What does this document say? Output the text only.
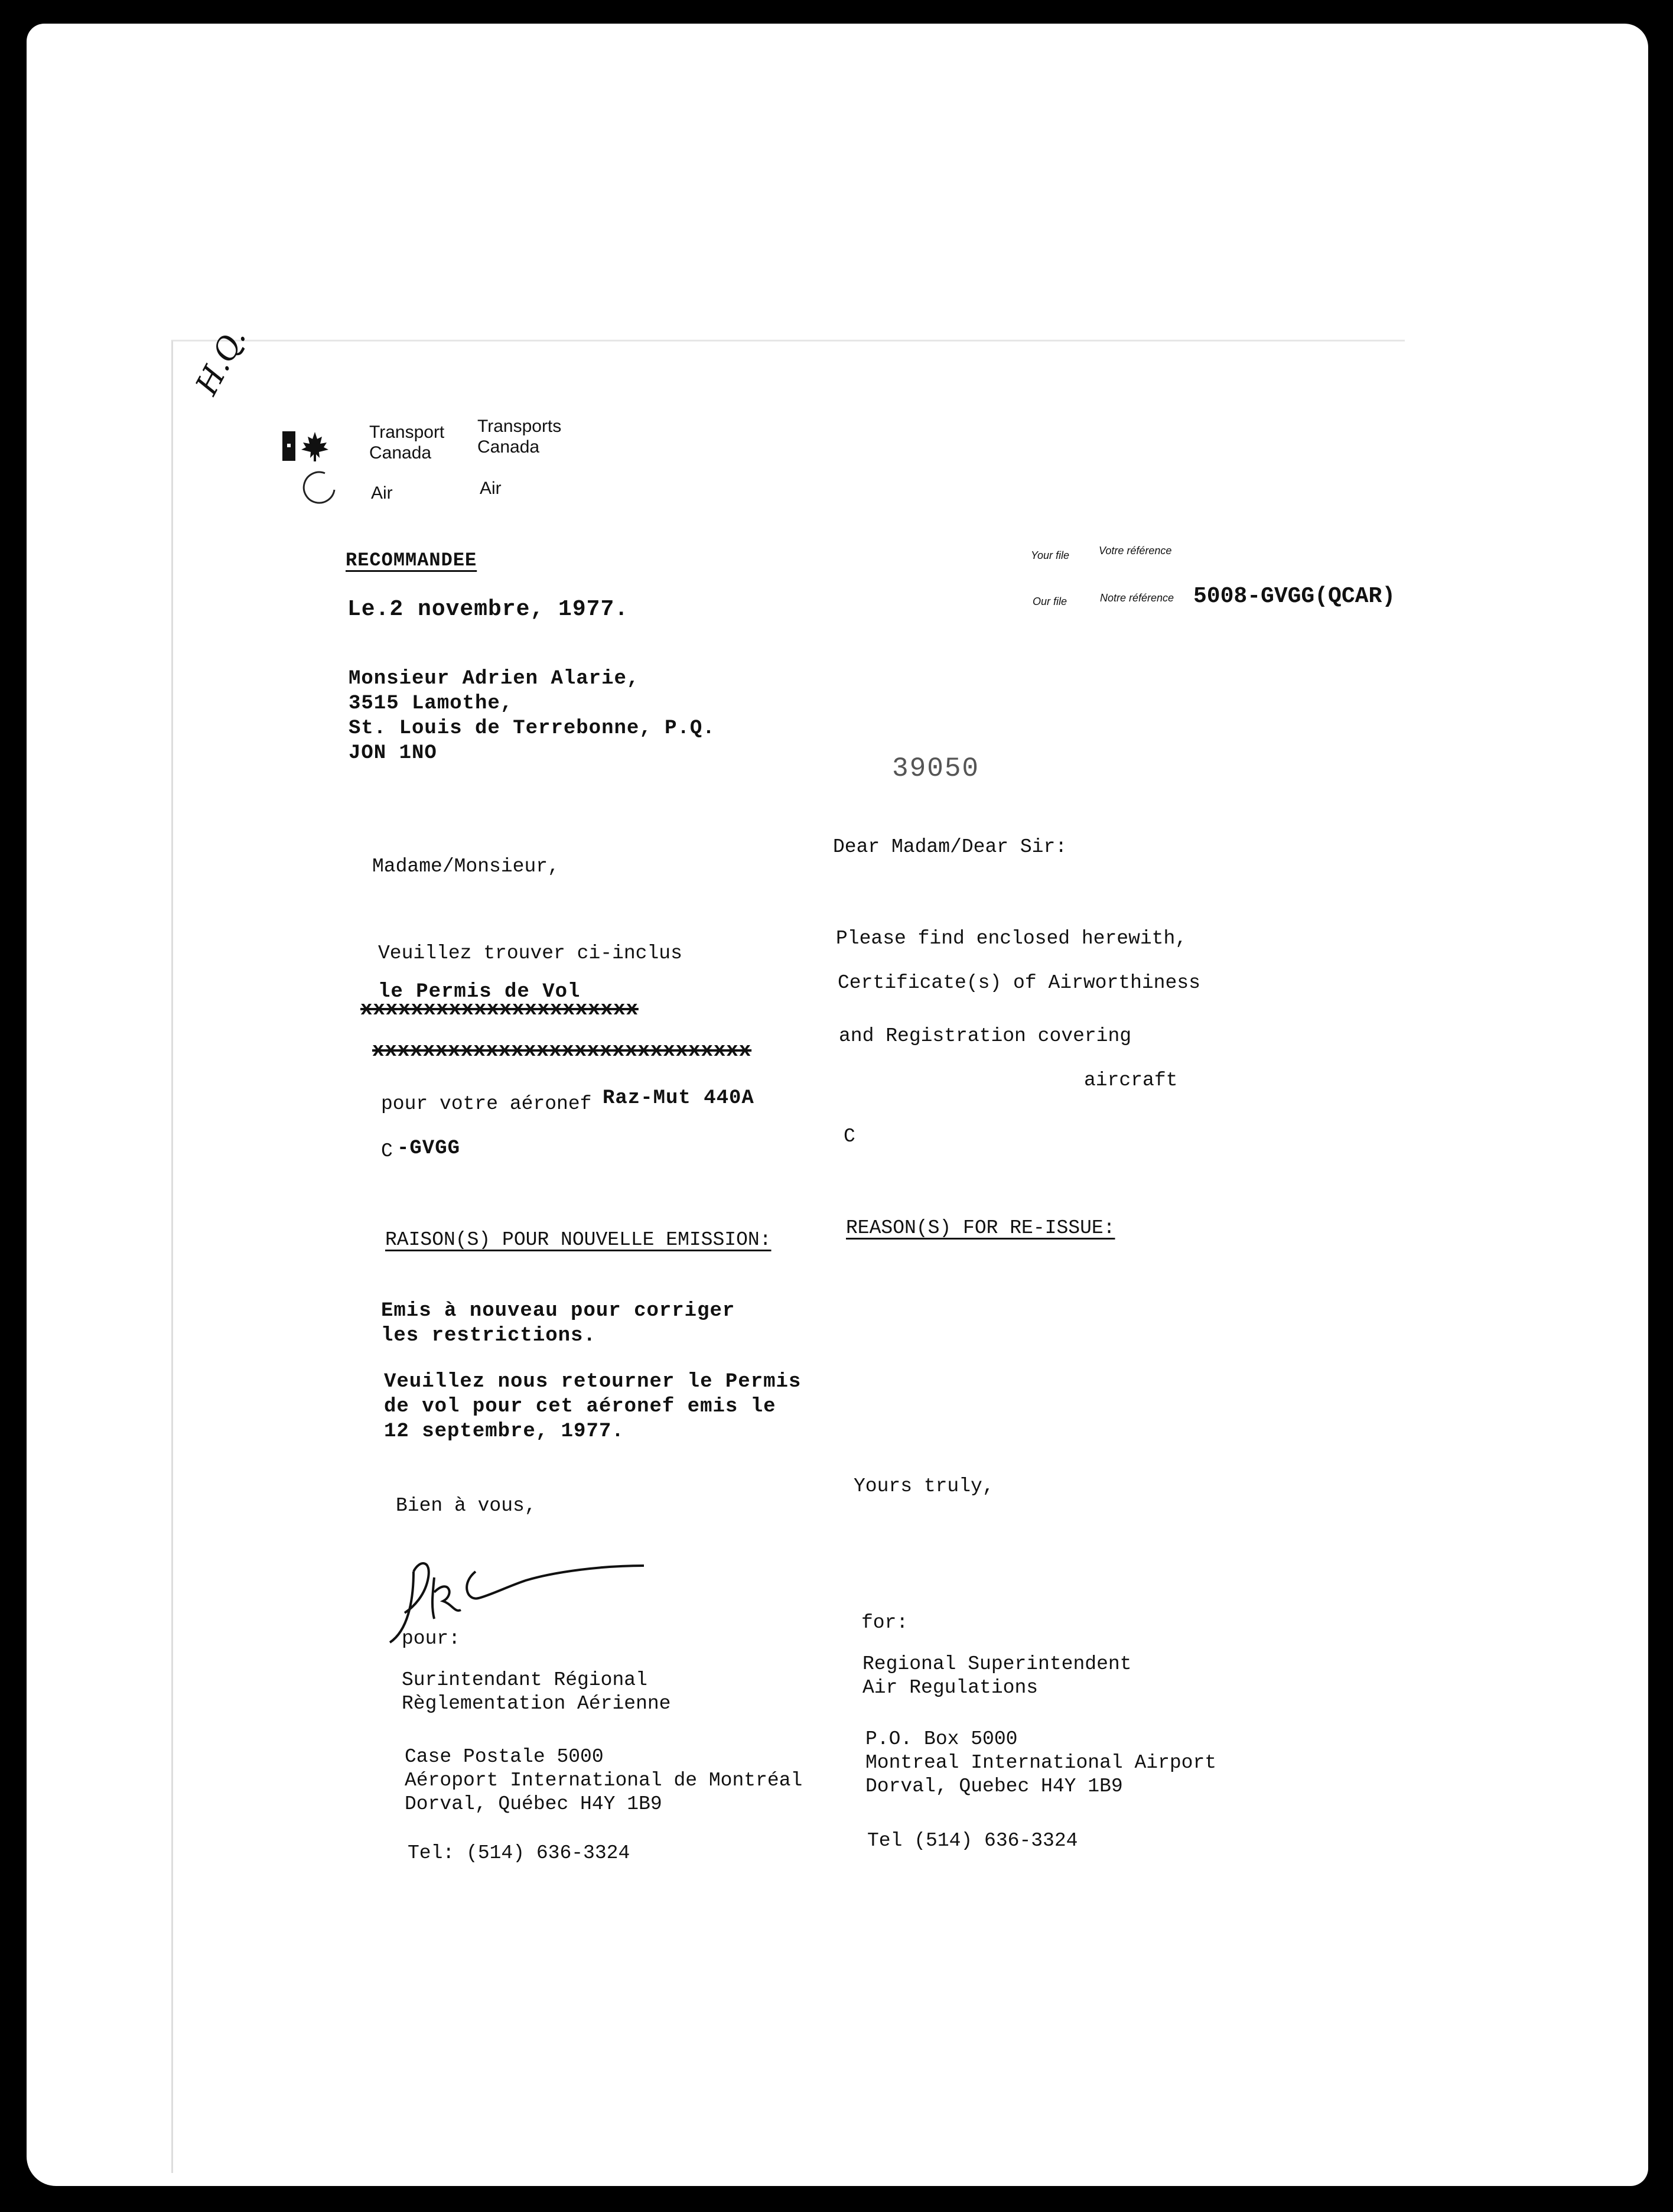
H.Q.
Transport
Canada
Transports
Canada
Air	Air
RECOMMANDEE
Le.2 novembre, 1977.
Your file	Votre référence
Our file	Notre référence 5008-GVGG(QCAR)
Monsieur Adrien Alarie,
3515 Lamothe,
St. Louis de Terrebonne, P.Q.
JON 1NO	39050
Madame/Monsieur,
Veuillez trouver ci-inclus
le Permis de Vol
xxxxxxxxxxxxxxxxxxxxxx
xxxxxxxxxxxxxxxxxxxxxxxxxxxxxx
pour votre aéronef Raz-Mut 440A
C -GVGG
RAISON(S) POUR NOUVELLE EMISSION:
Emis à nouveau pour corriger
les restrictions.
Veuillez nous retourner le Permis
de vol pour cet aéronef emis le
12 septembre, 1977.
Bien à vous,
pour:
Surintendant Régional
Règlementation Aérienne
Case Postale 5000
Aéroport International de Montréal
Dorval, Québec H4Y 1B9
Tel: (514) 636-3324
Dear Madam/Dear Sir:
Please find enclosed herewith,
Certificate(s) of Airworthiness
and Registration covering
aircraft
C
REASON(S) FOR RE-ISSUE:
Yours truly,
for:
Regional Superintendent
Air Regulations
P.O. Box 5000
Montreal International Airport
Dorval, Quebec H4Y 1B9
Tel (514) 636-3324
